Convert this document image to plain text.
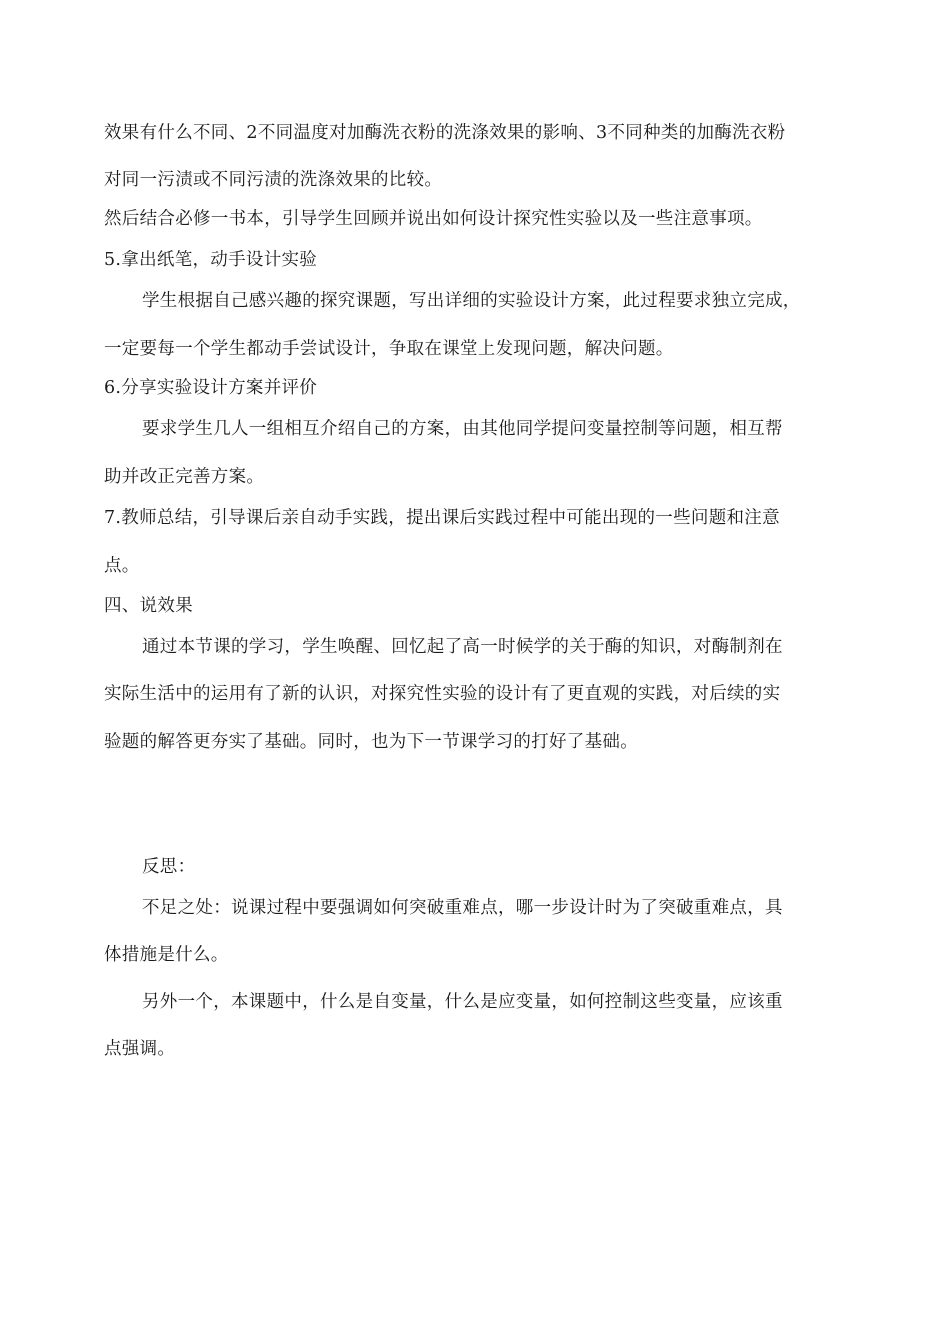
效果有什么不同、2不同温度对加酶洗衣粉的洗涤效果的影响、3不同种类的加酶洗衣粉
对同一污渍或不同污渍的洗涤效果的比较。
然后结合必修一书本，引导学生回顾并说出如何设计探究性实验以及一些注意事项。
5.拿出纸笔，动手设计实验
学生根据自己感兴趣的探究课题，写出详细的实验设计方案，此过程要求独立完成，
一定要每一个学生都动手尝试设计，争取在课堂上发现问题，解决问题。
6.分享实验设计方案并评价
要求学生几人一组相互介绍自己的方案，由其他同学提问变量控制等问题，相互帮
助并改正完善方案。
7.教师总结，引导课后亲自动手实践，提出课后实践过程中可能出现的一些问题和注意
点。
四、说效果
通过本节课的学习，学生唤醒、回忆起了高一时候学的关于酶的知识，对酶制剂在
实际生活中的运用有了新的认识，对探究性实验的设计有了更直观的实践，对后续的实
验题的解答更夯实了基础。同时，也为下一节课学习的打好了基础。
反思：
不足之处：说课过程中要强调如何突破重难点，哪一步设计时为了突破重难点，具
体措施是什么。
另外一个，本课题中，什么是自变量，什么是应变量，如何控制这些变量，应该重
点强调。
